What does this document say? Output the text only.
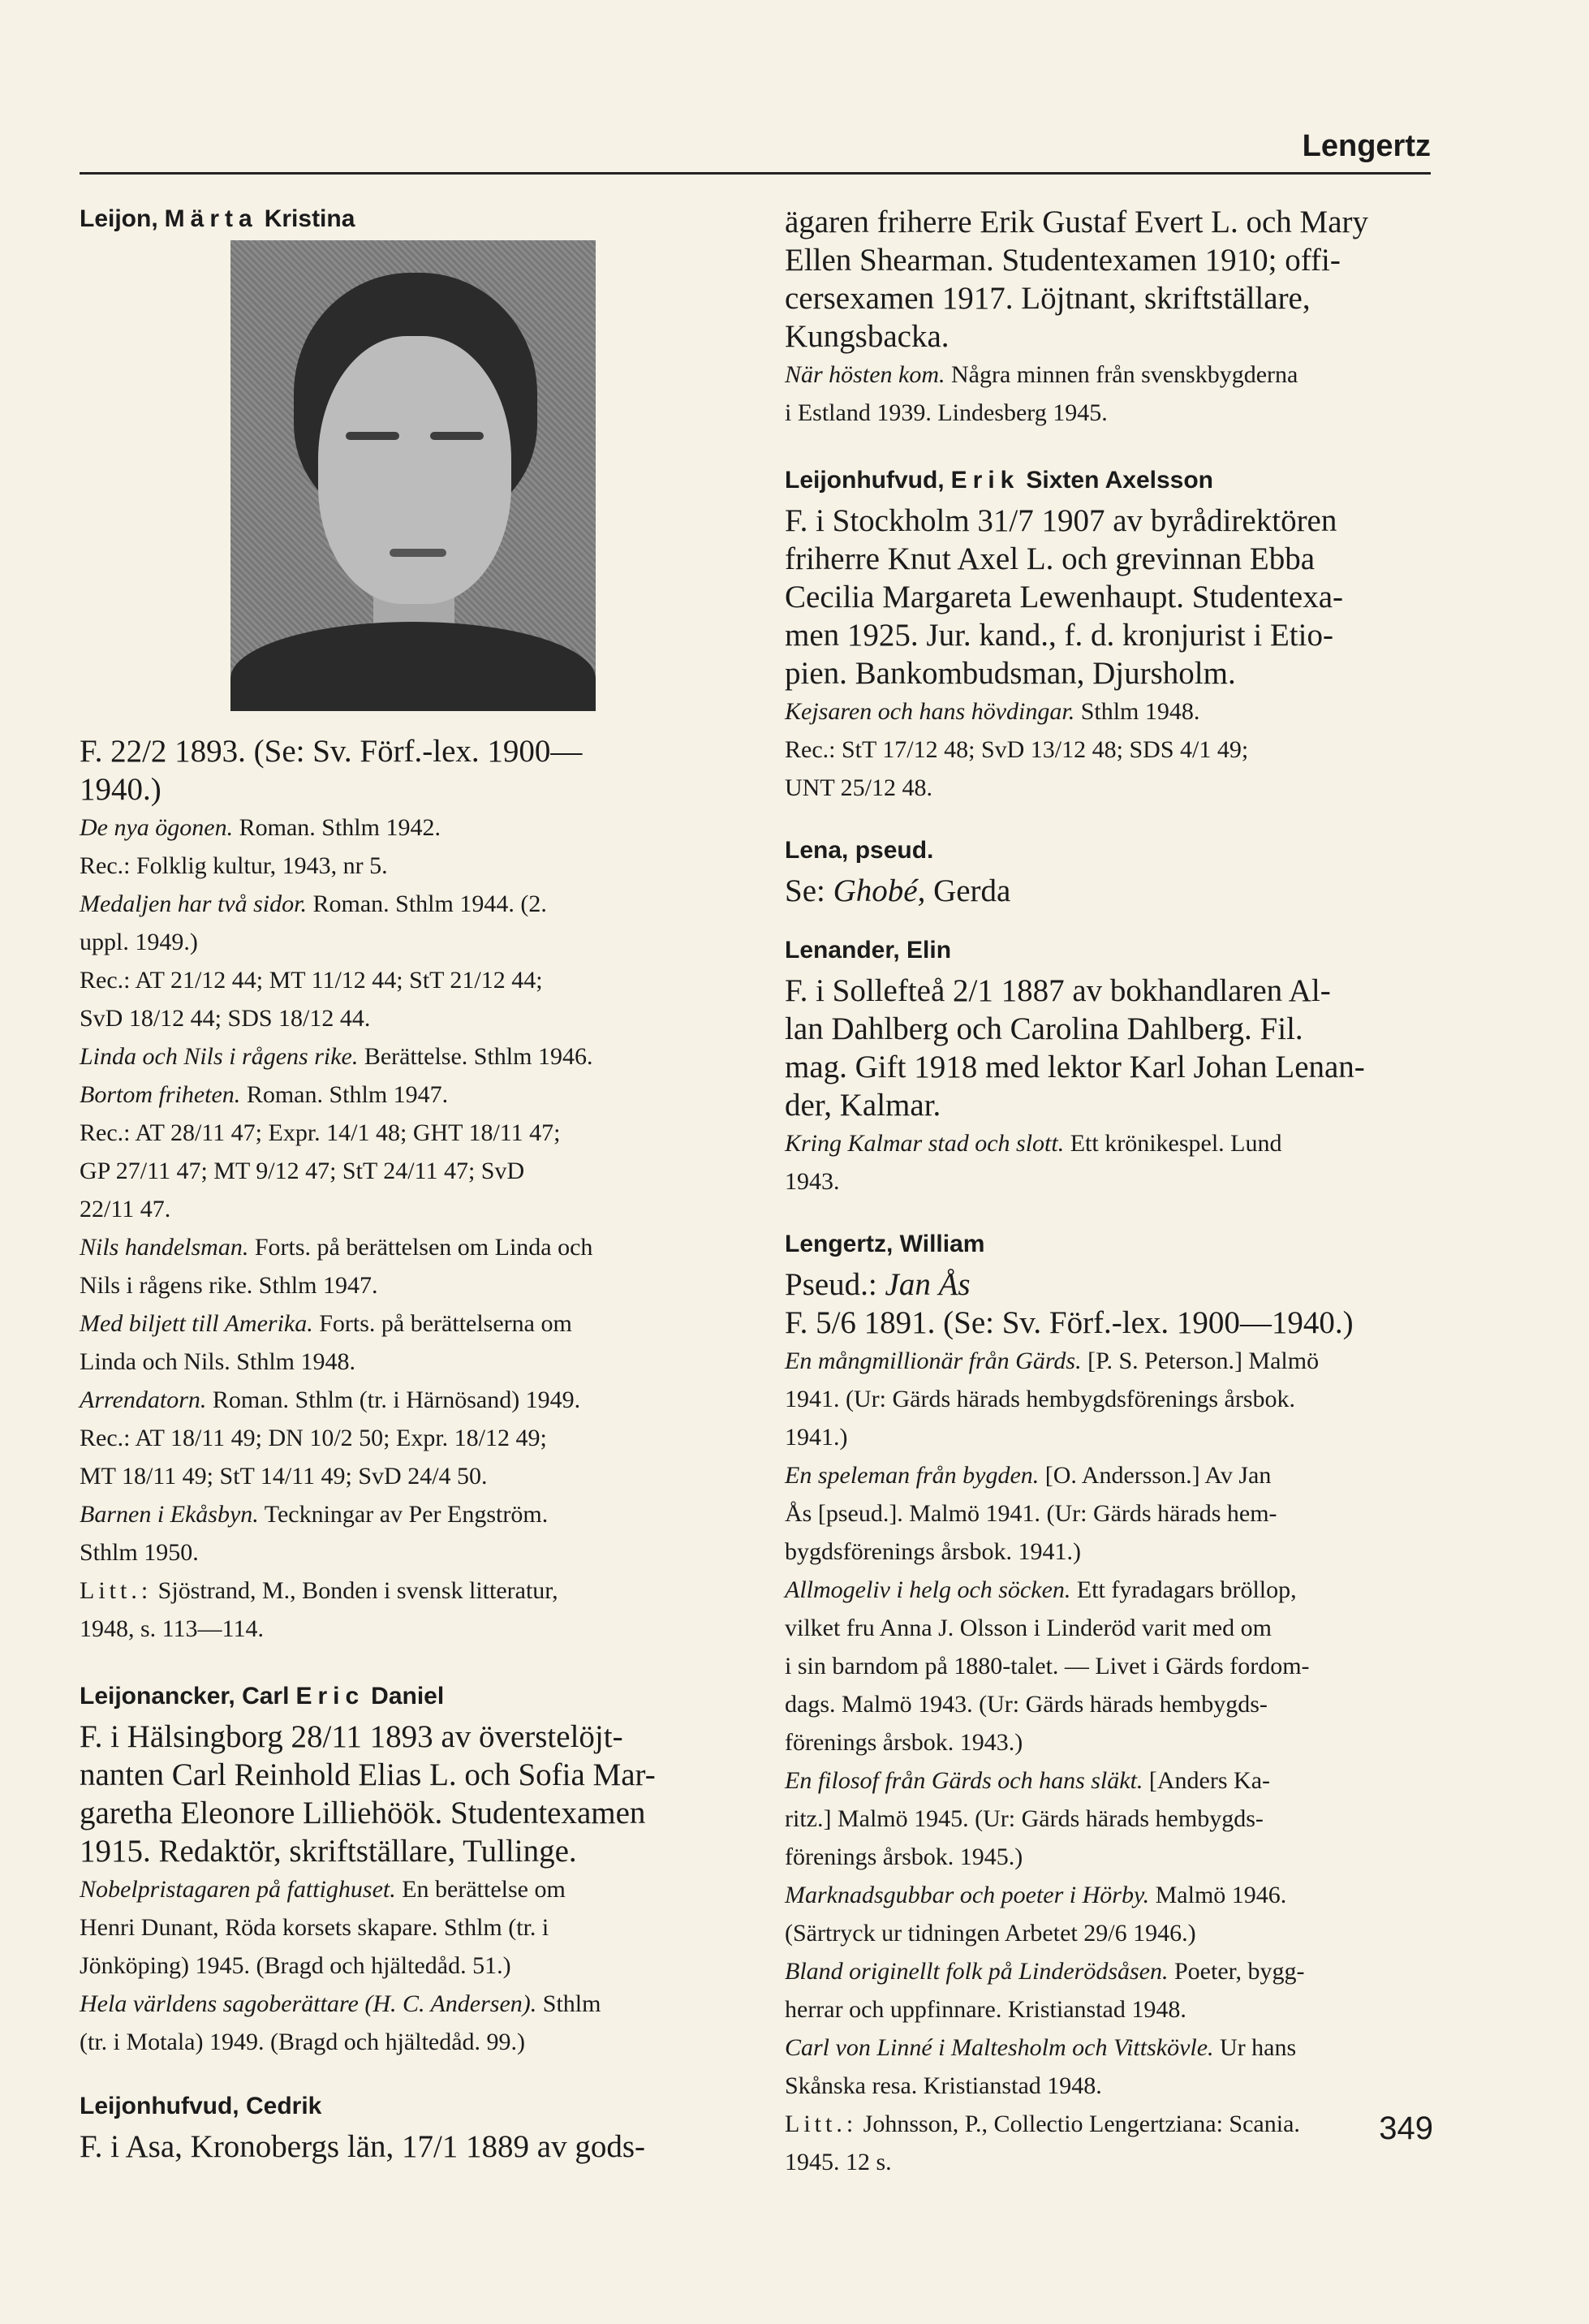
Lengertz
Leijon, Märta Kristina
F. 22/2 1893. (Se: Sv. Förf.-lex. 1900—
1940.)
De nya ögonen. Roman. Sthlm 1942.
Rec.: Folklig kultur, 1943, nr 5.
Medaljen har två sidor. Roman. Sthlm 1944. (2.
uppl. 1949.)
Rec.: AT 21/12 44; MT 11/12 44; StT 21/12 44;
SvD 18/12 44; SDS 18/12 44.
Linda och Nils i rågens rike. Berättelse. Sthlm 1946.
Bortom friheten. Roman. Sthlm 1947.
Rec.: AT 28/11 47; Expr. 14/1 48; GHT 18/11 47;
GP 27/11 47; MT 9/12 47; StT 24/11 47; SvD
22/11 47.
Nils handelsman. Forts. på berättelsen om Linda och
Nils i rågens rike. Sthlm 1947.
Med biljett till Amerika. Forts. på berättelserna om
Linda och Nils. Sthlm 1948.
Arrendatorn. Roman. Sthlm (tr. i Härnösand) 1949.
Rec.: AT 18/11 49; DN 10/2 50; Expr. 18/12 49;
MT 18/11 49; StT 14/11 49; SvD 24/4 50.
Barnen i Ekåsbyn. Teckningar av Per Engström.
Sthlm 1950.
Litt.: Sjöstrand, M., Bonden i svensk litteratur,
1948, s. 113—114.
Leijonancker, Carl Eric Daniel
F. i Hälsingborg 28/11 1893 av överstelöjt-
nanten Carl Reinhold Elias L. och Sofia Mar-
garetha Eleonore Lilliehöök. Studentexamen
1915. Redaktör, skriftställare, Tullinge.
Nobelpristagaren på fattighuset. En berättelse om
Henri Dunant, Röda korsets skapare. Sthlm (tr. i
Jönköping) 1945. (Bragd och hjältedåd. 51.)
Hela världens sagoberättare (H. C. Andersen). Sthlm
(tr. i Motala) 1949. (Bragd och hjältedåd. 99.)
Leijonhufvud, Cedrik
F. i Asa, Kronobergs län, 17/1 1889 av gods-
ägaren friherre Erik Gustaf Evert L. och Mary
Ellen Shearman. Studentexamen 1910; offi-
cersexamen 1917. Löjtnant, skriftställare,
Kungsbacka.
När hösten kom. Några minnen från svenskbygderna
i Estland 1939. Lindesberg 1945.
Leijonhufvud, Erik Sixten Axelsson
F. i Stockholm 31/7 1907 av byrådirektören
friherre Knut Axel L. och grevinnan Ebba
Cecilia Margareta Lewenhaupt. Studentexa-
men 1925. Jur. kand., f. d. kronjurist i Etio-
pien. Bankombudsman, Djursholm.
Kejsaren och hans hövdingar. Sthlm 1948.
Rec.: StT 17/12 48; SvD 13/12 48; SDS 4/1 49;
UNT 25/12 48.
Lena, pseud.
Se: Ghobé, Gerda
Lenander, Elin
F. i Sollefteå 2/1 1887 av bokhandlaren Al-
lan Dahlberg och Carolina Dahlberg. Fil.
mag. Gift 1918 med lektor Karl Johan Lenan-
der, Kalmar.
Kring Kalmar stad och slott. Ett krönikespel. Lund
1943.
Lengertz, William
Pseud.: Jan Ås
F. 5/6 1891. (Se: Sv. Förf.-lex. 1900—1940.)
En mångmillionär från Gärds. [P. S. Peterson.] Malmö
1941. (Ur: Gärds härads hembygdsförenings årsbok.
1941.)
En speleman från bygden. [O. Andersson.] Av Jan
Ås [pseud.]. Malmö 1941. (Ur: Gärds härads hem-
bygdsförenings årsbok. 1941.)
Allmogeliv i helg och söcken. Ett fyradagars bröllop,
vilket fru Anna J. Olsson i Linderöd varit med om
i sin barndom på 1880-talet. — Livet i Gärds fordom-
dags. Malmö 1943. (Ur: Gärds härads hembygds-
förenings årsbok. 1943.)
En filosof från Gärds och hans släkt. [Anders Ka-
ritz.] Malmö 1945. (Ur: Gärds härads hembygds-
förenings årsbok. 1945.)
Marknadsgubbar och poeter i Hörby. Malmö 1946.
(Särtryck ur tidningen Arbetet 29/6 1946.)
Bland originellt folk på Linderödsåsen. Poeter, bygg-
herrar och uppfinnare. Kristianstad 1948.
Carl von Linné i Maltesholm och Vittskövle. Ur hans
Skånska resa. Kristianstad 1948.
Litt.: Johnsson, P., Collectio Lengertziana: Scania.
1945. 12 s.
349
